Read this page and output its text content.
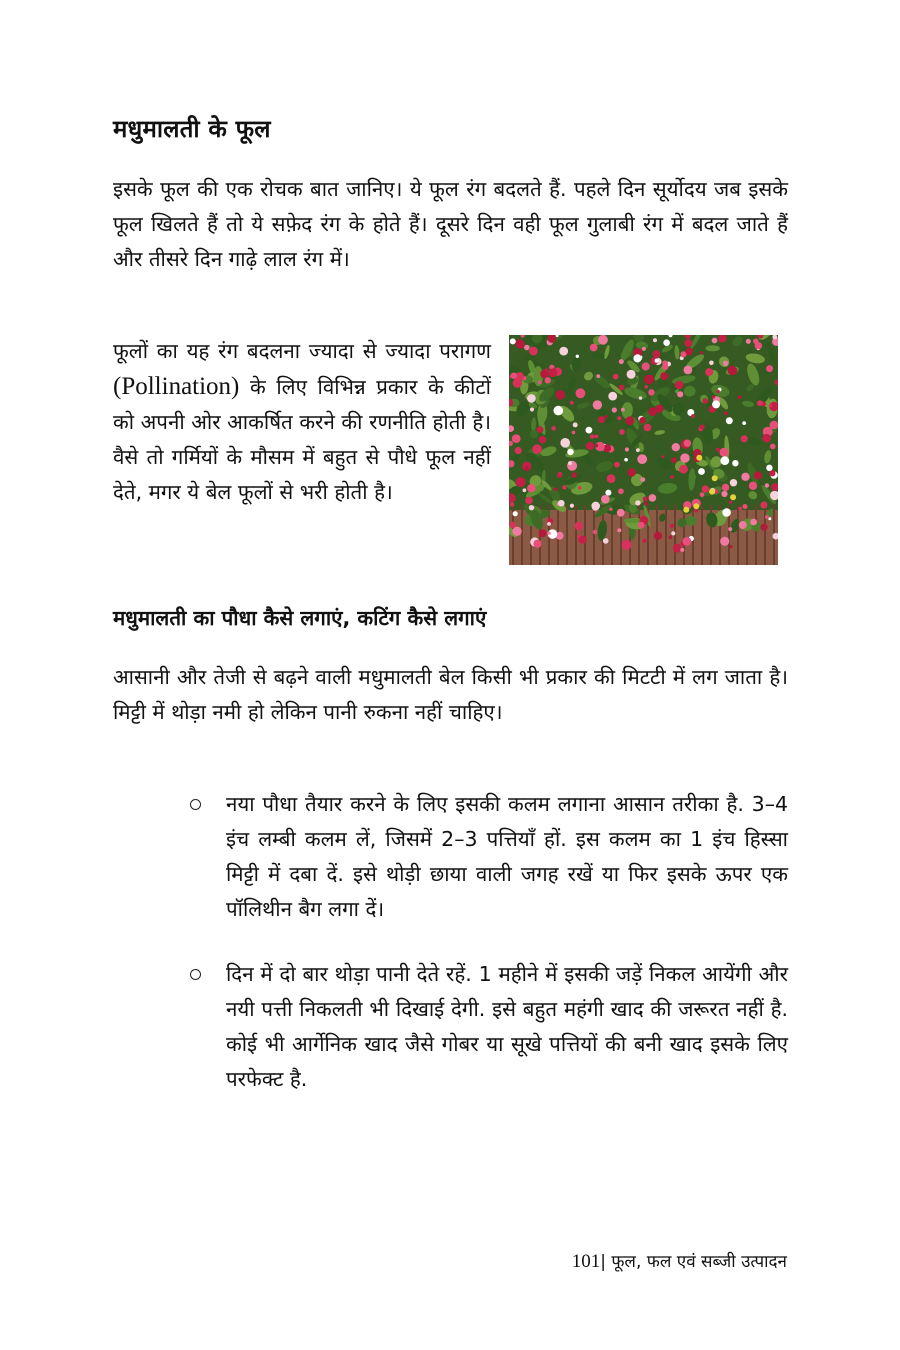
मधुमालती के फूल

इसके फूल की एक रोचक बात जानिए। ये फूल रंग बदलते हैं. पहले दिन सूर्योदय जब इसके फूल खिलते हैं तो ये सफ़ेद रंग के होते हैं। दूसरे दिन वही फूल गुलाबी रंग में बदल जाते हैं और तीसरे दिन गाढ़े लाल रंग में।

फूलों का यह रंग बदलना ज्यादा से ज्यादा परागण (Pollination) के लिए विभिन्न प्रकार के कीटों को अपनी ओर आकर्षित करने की रणनीति होती है। वैसे तो गर्मियों के मौसम में बहुत से पौधे फूल नहीं देते, मगर ये बेल फूलों से भरी होती है।

मधुमालती का पौधा कैसे लगाएं, कटिंग कैसे लगाएं

आसानी और तेजी से बढ़ने वाली मधुमालती बेल किसी भी प्रकार की मिटटी में लग जाता है। मिट्टी में थोड़ा नमी हो लेकिन पानी रुकना नहीं चाहिए।

नया पौधा तैयार करने के लिए इसकी कलम लगाना आसान तरीका है. 3–4 इंच लम्बी कलम लें, जिसमें 2–3 पत्तियाँ हों. इस कलम का 1 इंच हिस्सा मिट्टी में दबा दें. इसे थोड़ी छाया वाली जगह रखें या फिर इसके ऊपर एक पॉलिथीन बैग लगा दें।

दिन में दो बार थोड़ा पानी देते रहें. 1 महीने में इसकी जड़ें निकल आयेंगी और नयी पत्ती निकलती भी दिखाई देगी. इसे बहुत महंगी खाद की जरूरत नहीं है. कोई भी आर्गेनिक खाद जैसे गोबर या सूखे पत्तियों की बनी खाद इसके लिए परफेक्ट है.

101| फूल, फल एवं सब्जी उत्पादन
